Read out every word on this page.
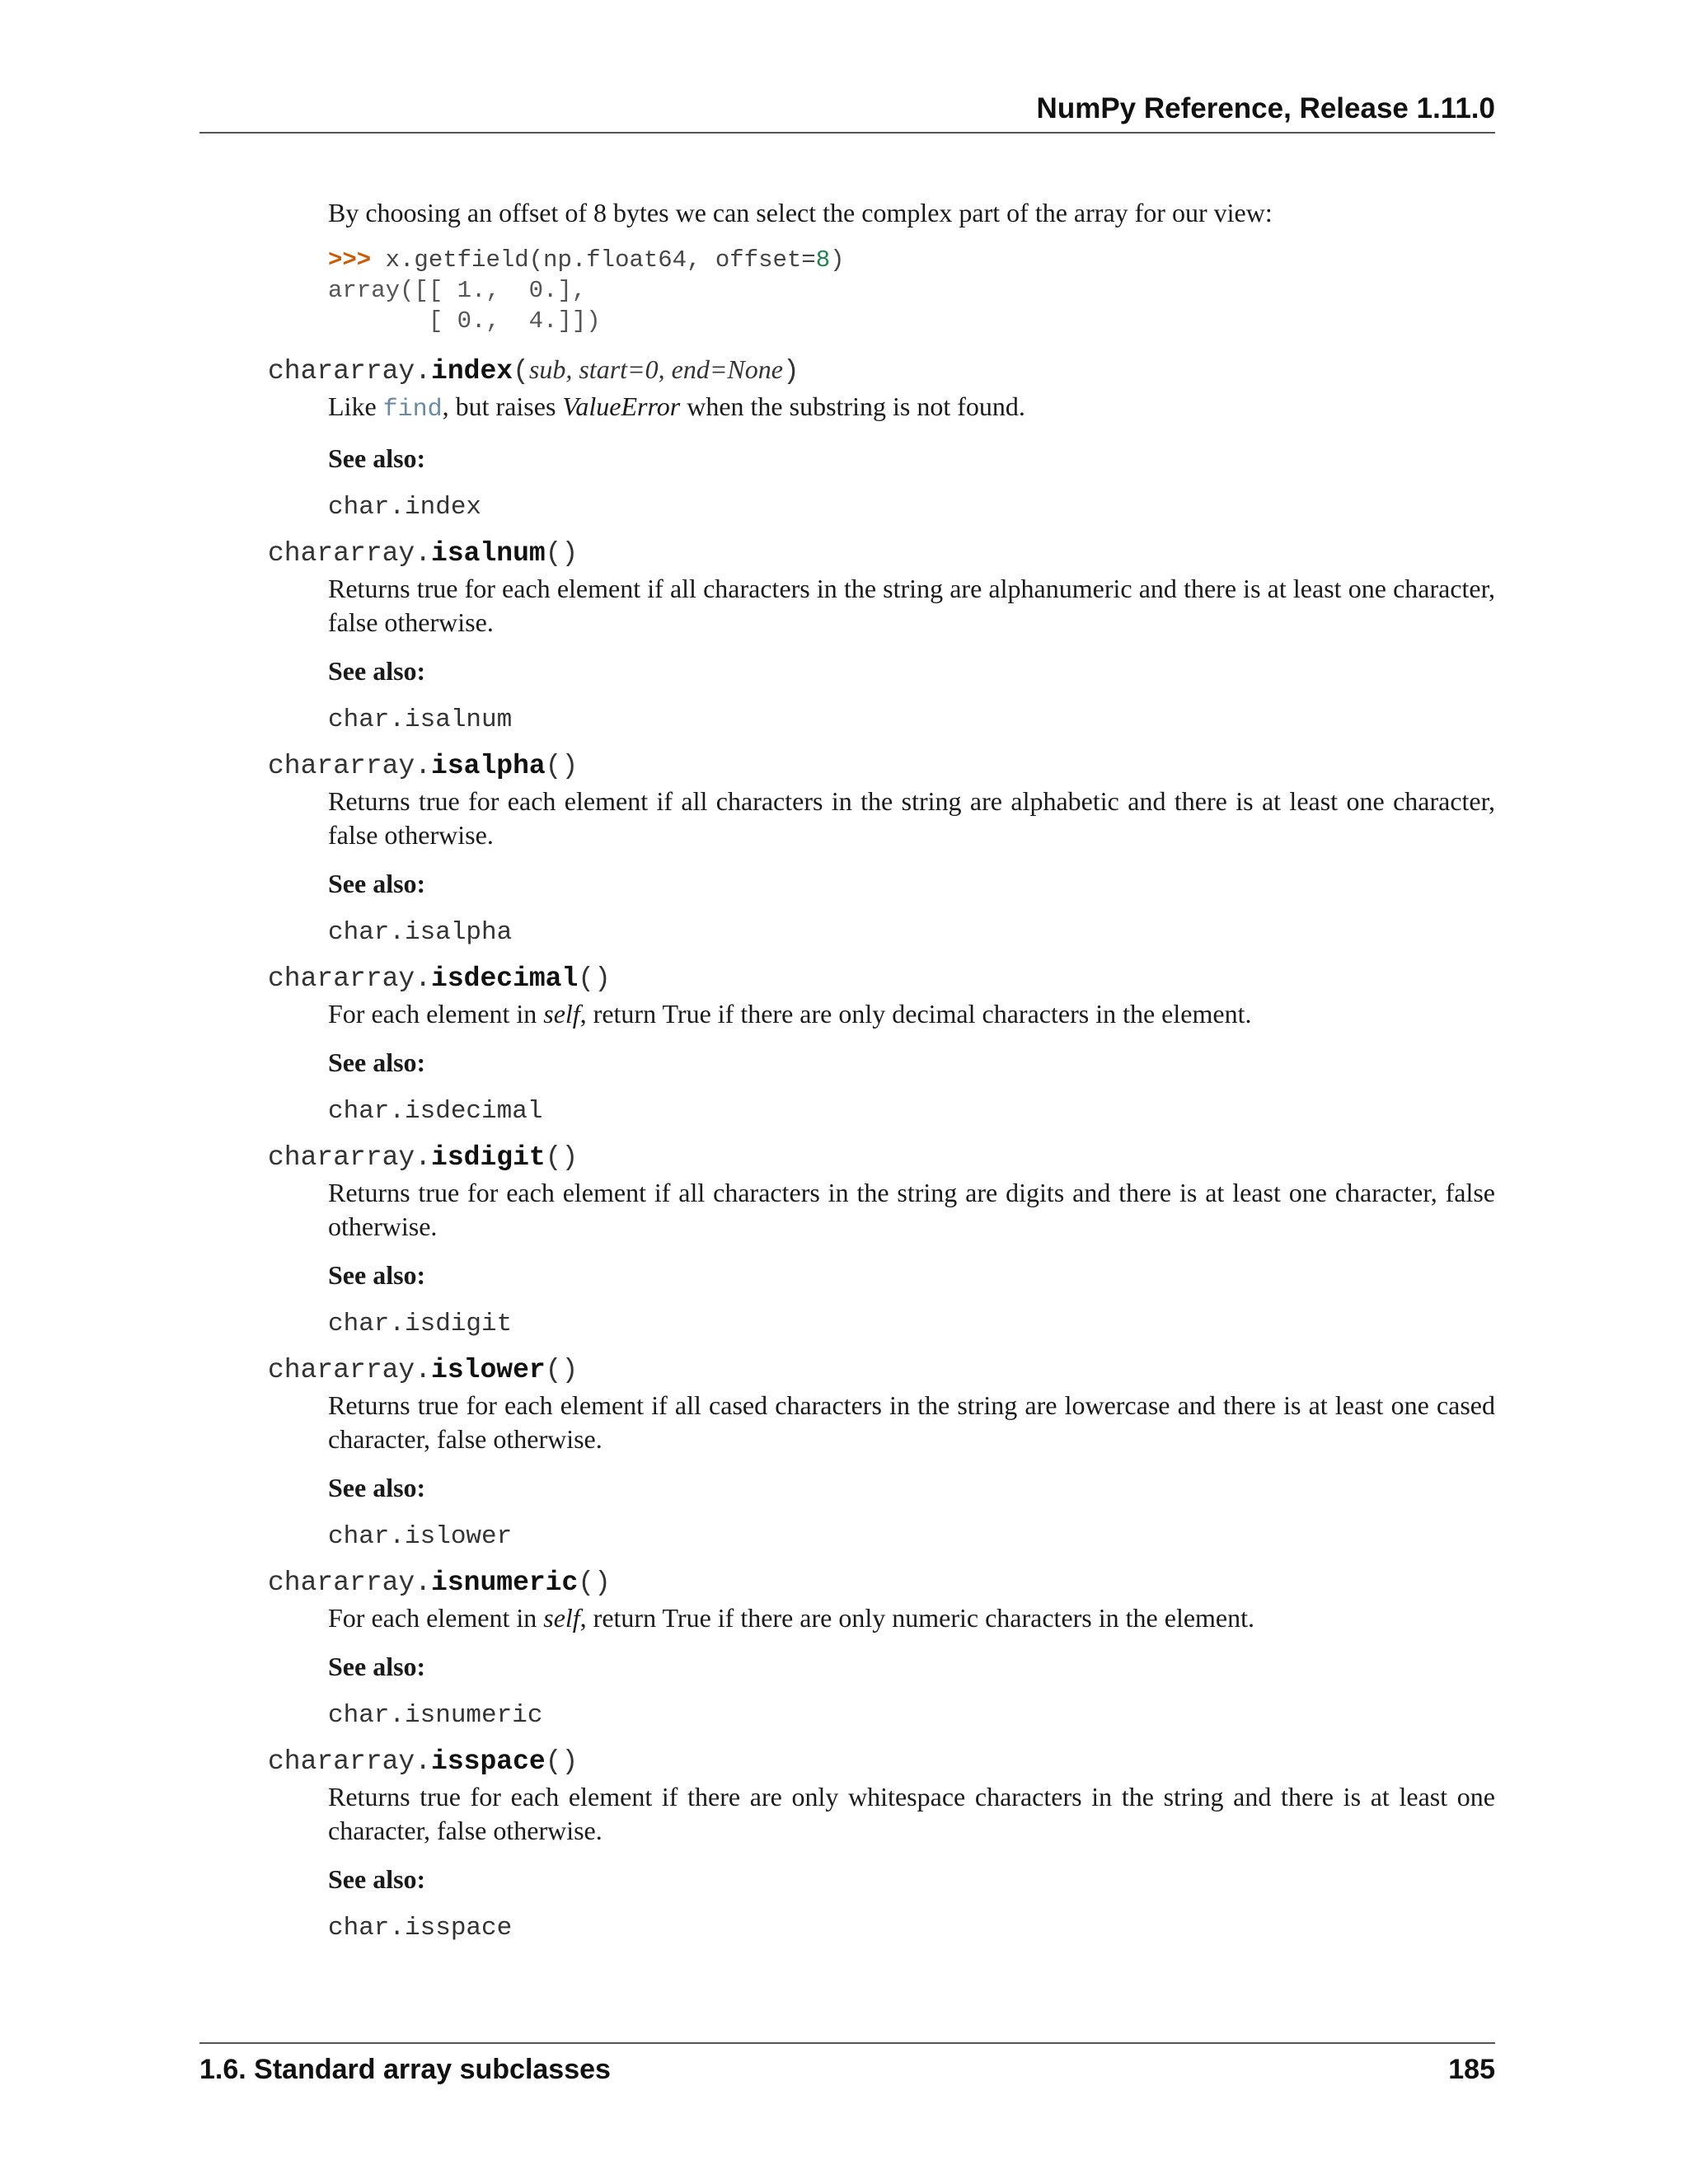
NumPy Reference, Release 1.11.0

By choosing an offset of 8 bytes we can select the complex part of the array for our view:

>>> x.getfield(np.float64, offset=8)
array([[ 1.,  0.],
[ 0.,  4.]])
chararray.index(sub, start=0, end=None)
Like find, but raises ValueError when the substring is not found.
See also:
char.index
chararray.isalnum()
Returns true for each element if all characters in the string are alphanumeric and there is at least one character, false otherwise.
See also:
char.isalnum
chararray.isalpha()
Returns true for each element if all characters in the string are alphabetic and there is at least one character, false otherwise.
See also:
char.isalpha
chararray.isdecimal()
For each element in self, return True if there are only decimal characters in the element.
See also:
char.isdecimal
chararray.isdigit()
Returns true for each element if all characters in the string are digits and there is at least one character, false otherwise.
See also:
char.isdigit
chararray.islower()
Returns true for each element if all cased characters in the string are lowercase and there is at least one cased character, false otherwise.
See also:
char.islower
chararray.isnumeric()
For each element in self, return True if there are only numeric characters in the element.
See also:
char.isnumeric
chararray.isspace()
Returns true for each element if there are only whitespace characters in the string and there is at least one character, false otherwise.
See also:
char.isspace
1.6. Standard array subclasses	185
